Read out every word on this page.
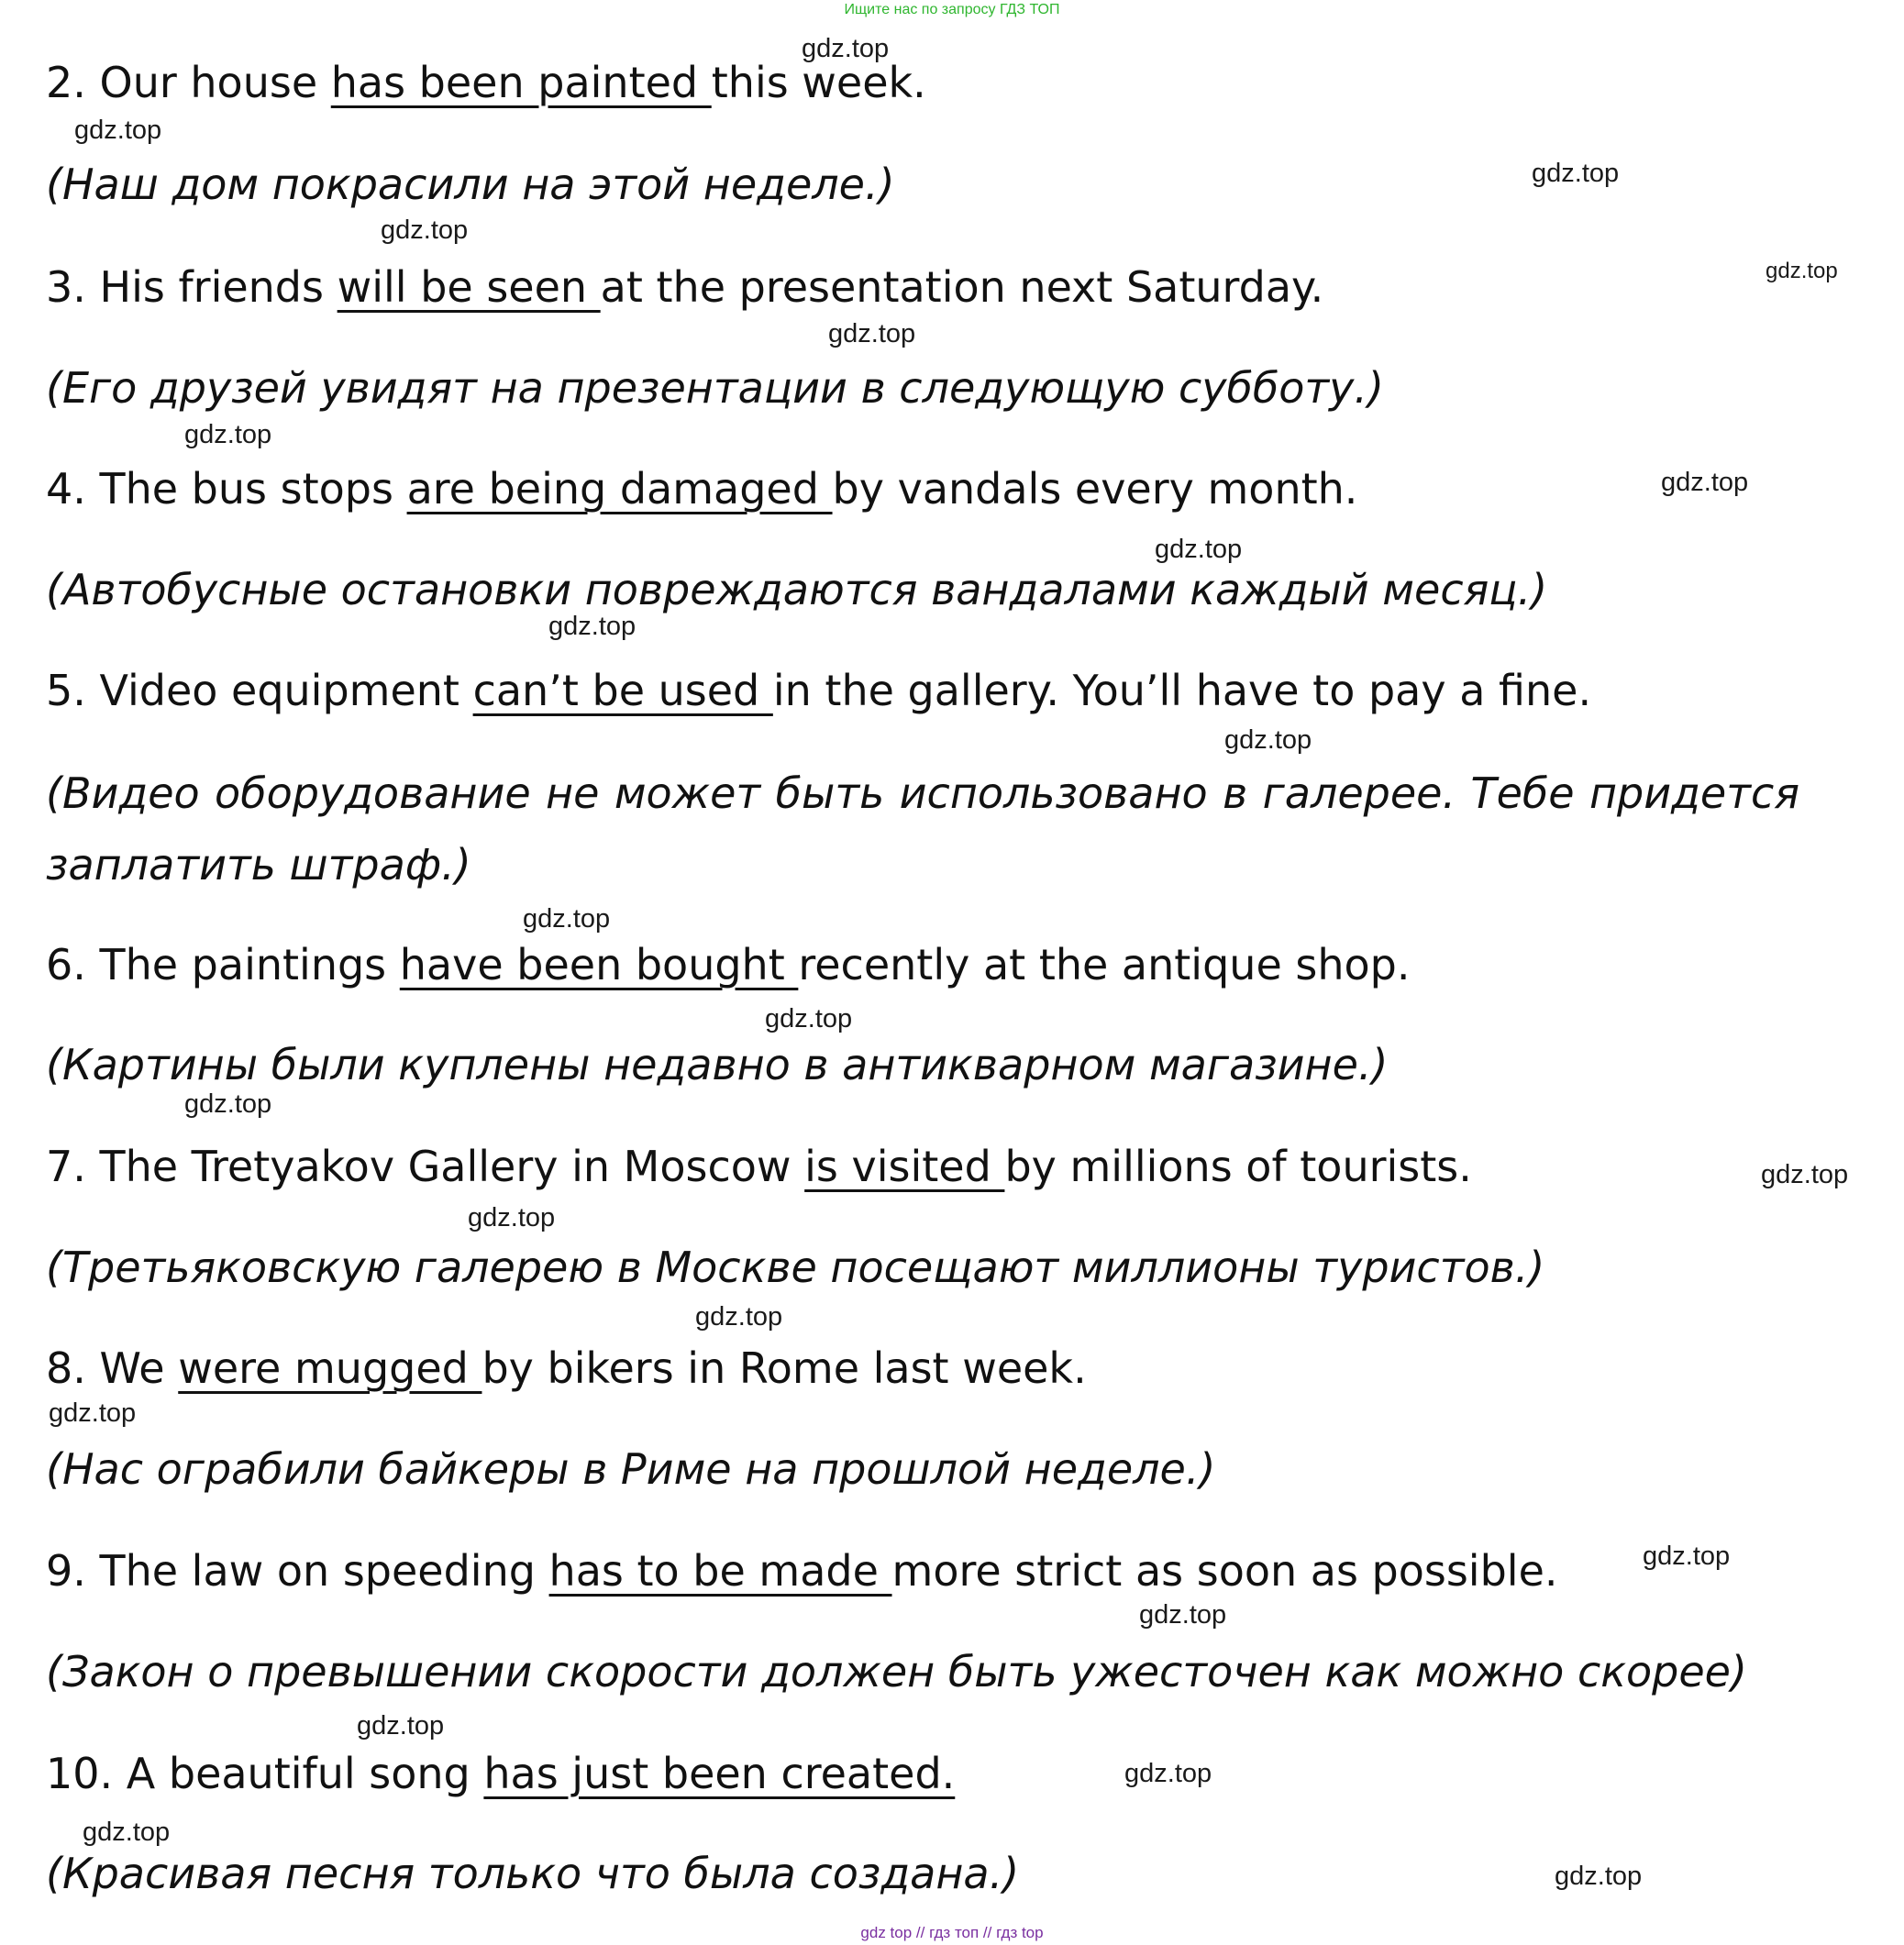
Ищите нас по запросу ГДЗ ТОП

2. Our house has been painted this week.

(Наш дом покрасили на этой неделе.)

3. His friends will be seen at the presentation next Saturday.

(Его друзей увидят на презентации в следующую субботу.)

4. The bus stops are being damaged by vandals every month.

(Автобусные остановки повреждаются вандалами каждый месяц.)

5. Video equipment can’t be used in the gallery. You’ll have to pay a fine.

(Видео оборудование не может быть использовано в галерее. Тебе придется заплатить штраф.)

6. The paintings have been bought recently at the antique shop.

(Картины были куплены недавно в антикварном магазине.)

7. The Tretyakov Gallery in Moscow is visited by millions of tourists.

(Третьяковскую галерею в Москве посещают миллионы туристов.)

8. We were mugged by bikers in Rome last week.

(Нас ограбили байкеры в Риме на прошлой неделе.)

9. The law on speeding has to be made more strict as soon as possible.

(Закон о превышении скорости должен быть ужесточен как можно скорее)

10. A beautiful song has just been created.

(Красивая песня только что была создана.)

gdz.top
gdz.top
gdz.top
gdz.top
gdz.top
gdz.top
gdz.top
gdz.top
gdz.top
gdz.top
gdz.top
gdz.top
gdz.top
gdz.top
gdz.top
gdz.top
gdz.top
gdz.top
gdz.top
gdz.top
gdz.top
gdz.top
gdz.top
gdz.top
gdz top // гдз топ // гдз top
